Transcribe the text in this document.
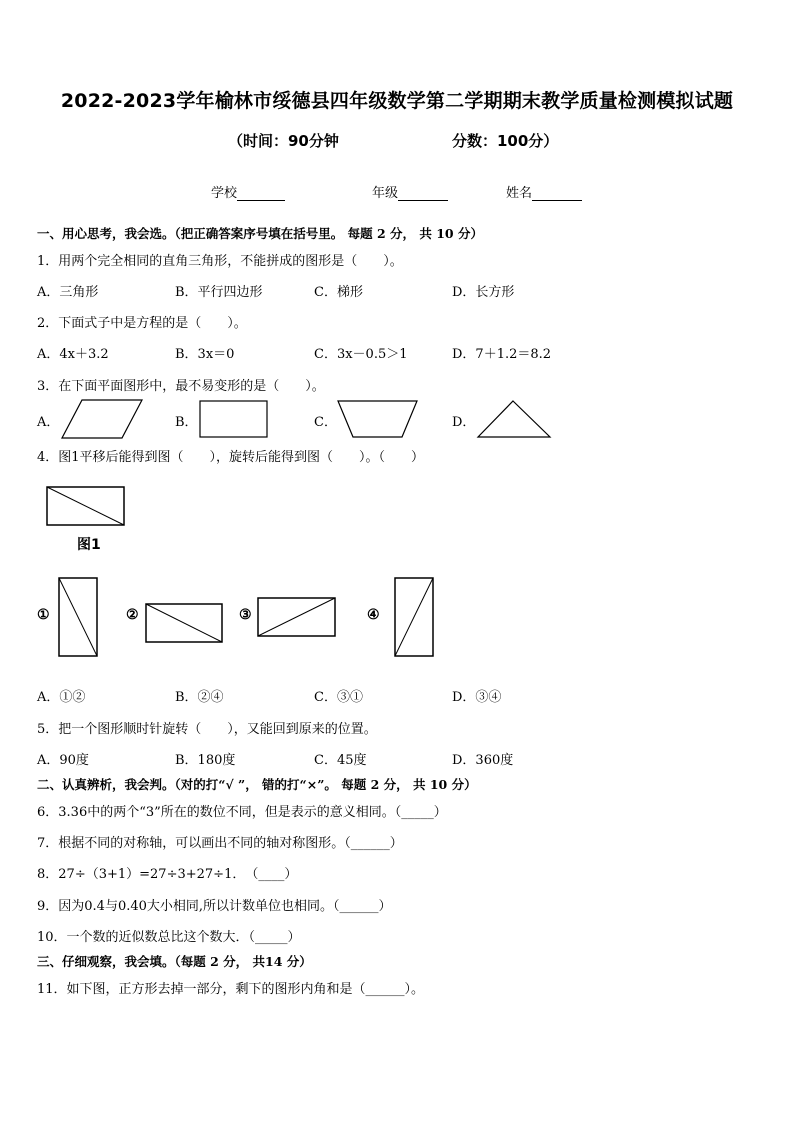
2022-2023学年榆林市绥德县四年级数学第二学期期末教学质量检测模拟试题
（时间：90分钟	分数：100分）
学校	年级	姓名
一、用心思考，我会选。（把正确答案序号填在括号里。 每题 2 分， 共 10 分）
1．用两个完全相同的直角三角形，不能拼成的图形是（　　）。
A．三角形	B．平行四边形	C．梯形	D．长方形
2．下面式子中是方程的是（　　）。
A．4x＋3.2	B．3x＝0	C．3x－0.5＞1	D．7＋1.2＝8.2
3．在下面平面图形中，最不易变形的是（　　）。
A．	B．	C．	D．
4．图1平移后能得到图（　　），旋转后能得到图（　　）。（　　）
图1
①	②	③	④
A．①②	B．②④	C．③①	D．③④
5．把一个图形顺时针旋转（　　），又能回到原来的位置。
A．90度	B．180度	C．45度	D．360度
二、认真辨析，我会判。（对的打“√ ”， 错的打“×”。 每题 2 分， 共 10 分）
6．3.36中的两个“3”所在的数位不同，但是表示的意义相同。（_____）
7．根据不同的对称轴，可以画出不同的轴对称图形。（______）
8．27÷（3+1）=27÷3+27÷1．　（____）
9．因为0.4与0.40大小相同,所以计数单位也相同。（______）
10．一个数的近似数总比这个数大．（_____）
三、仔细观察，我会填。（每题 2 分， 共14 分）
11．如下图，正方形去掉一部分，剩下的图形内角和是（______）。
